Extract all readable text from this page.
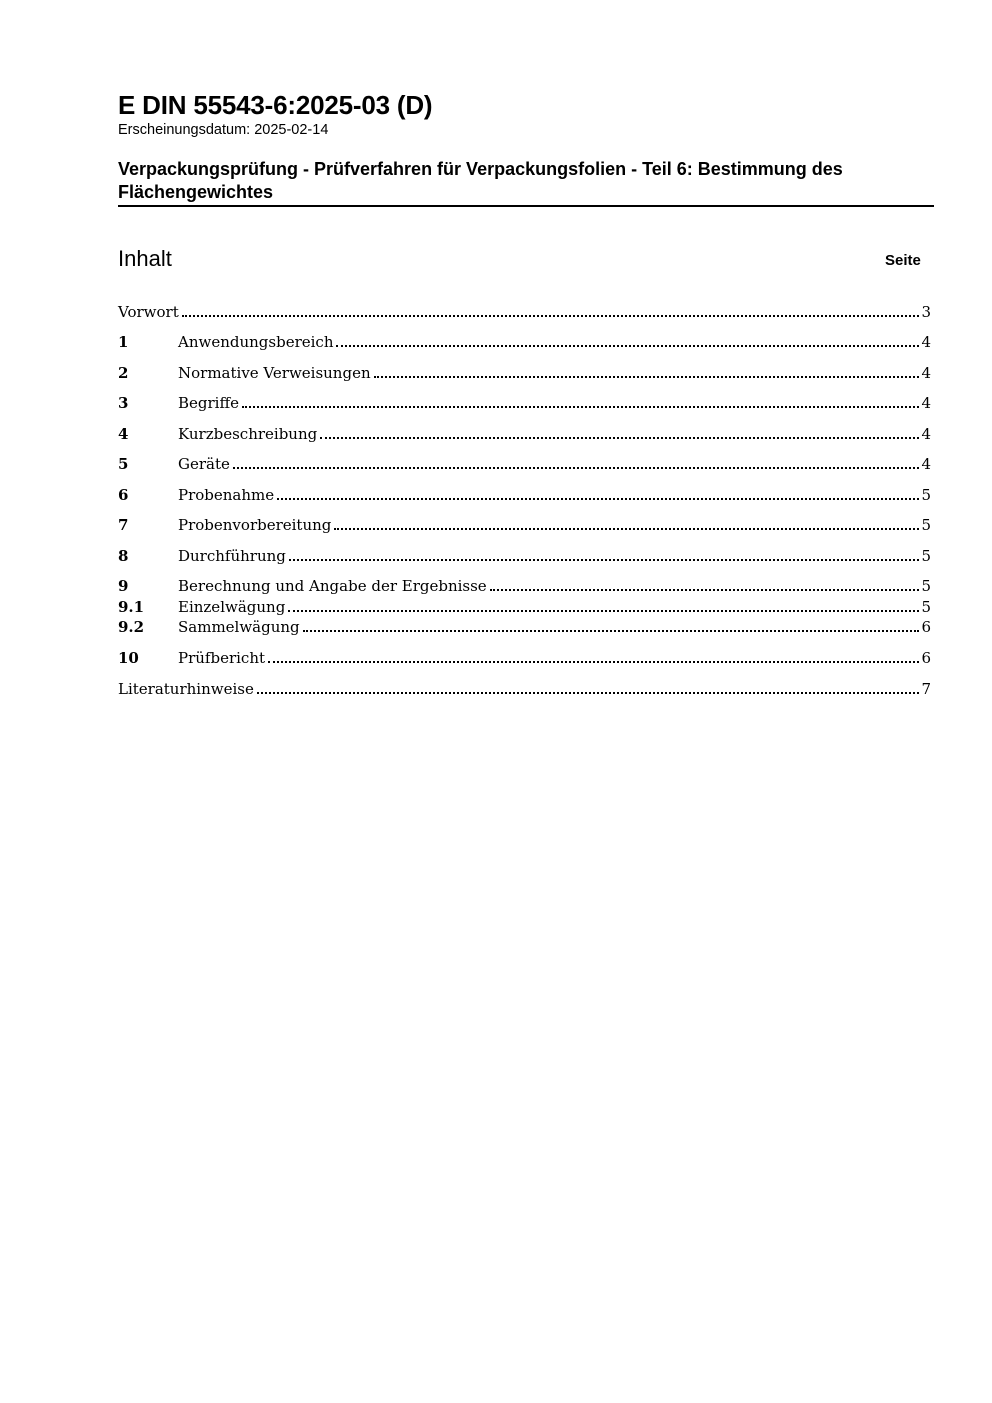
E DIN 55543-6:2025-03 (D)
Erscheinungsdatum: 2025-02-14
Verpackungsprüfung - Prüfverfahren für Verpackungsfolien - Teil 6: Bestimmung des Flächengewichtes
Inhalt	Seite
Vorwort	3
1	Anwendungsbereich	4
2	Normative Verweisungen	4
3	Begriffe	4
4	Kurzbeschreibung	4
5	Geräte	4
6	Probenahme	5
7	Probenvorbereitung	5
8	Durchführung	5
9	Berechnung und Angabe der Ergebnisse	5
9.1	Einzelwägung	5
9.2	Sammelwägung	6
10	Prüfbericht	6
Literaturhinweise	7
